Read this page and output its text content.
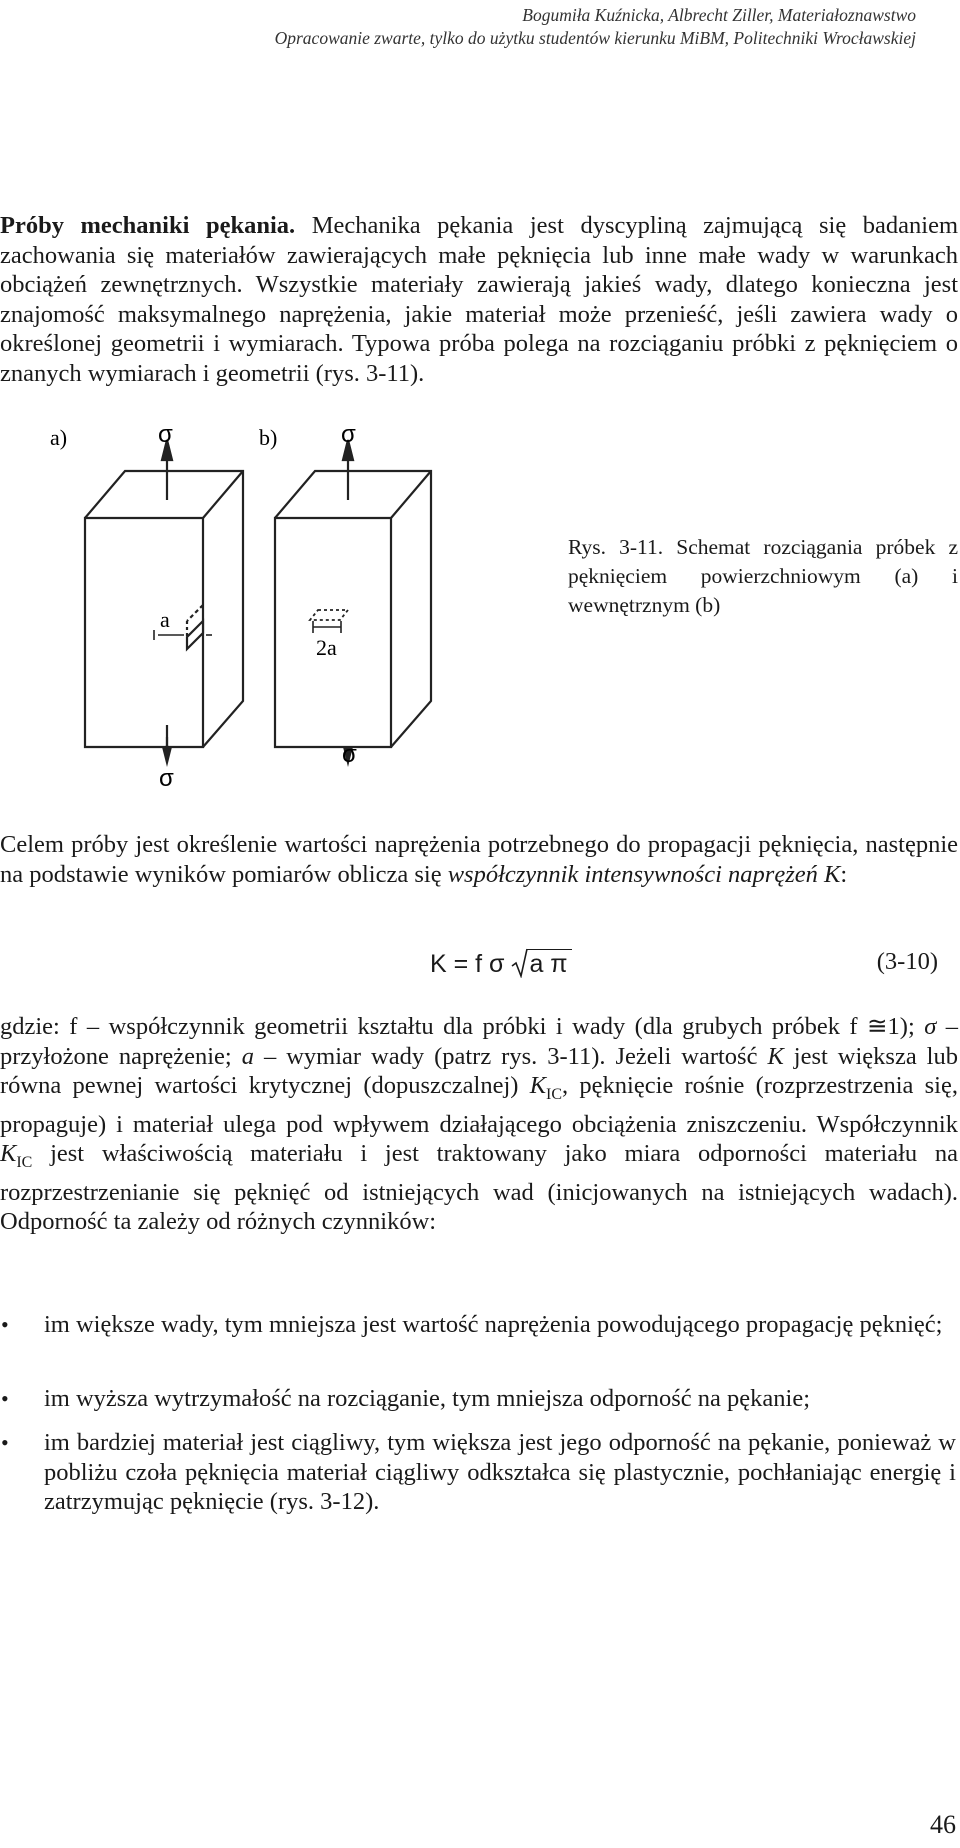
Bogumiła Kuźnicka, Albrecht Ziller, Materiałoznawstwo
Opracowanie zwarte, tylko do użytku studentów kierunku MiBM, Politechniki Wrocławskiej
Próby mechaniki pękania. Mechanika pękania jest dyscypliną zajmującą się badaniem zachowania się materiałów zawierających małe pęknięcia lub inne małe wady w warunkach obciążeń zewnętrznych. Wszystkie materiały zawierają jakieś wady, dlatego konieczna jest znajomość maksymalnego naprężenia, jakie materiał może przenieść, jeśli zawiera wady o określonej geometrii i wymiarach. Typowa próba polega na rozciąganiu próbki z pęknięciem o znanych wymiarach i geometrii (rys. 3-11).
a)	b)
a
σ
σ
2a
σ
σ
Rys. 3-11. Schemat rozciągania próbek z pęknięciem powierzchniowym (a) i wewnętrznym (b)
Celem próby jest określenie wartości naprężenia potrzebnego do propagacji pęknięcia, następnie na podstawie wyników pomiarów oblicza się współczynnik intensywności naprężeń K:
K = f σ a π	(3-10)
gdzie: f – współczynnik geometrii kształtu dla próbki i wady (dla grubych próbek f ≅1); σ – przyłożone naprężenie; a – wymiar wady (patrz rys. 3-11). Jeżeli wartość K jest większa lub równa pewnej wartości krytycznej (dopuszczalnej) $K_{IC}$, pęknięcie rośnie (rozprzestrzenia się, propaguje) i materiał ulega pod wpływem działającego obciążenia zniszczeniu. Współczynnik $K_{IC}$ jest właściwością materiału i jest traktowany jako miara odporności materiału na rozprzestrzenianie się pęknięć od istniejących wad (inicjowanych na istniejących wadach). Odporność ta zależy od różnych czynników:
• im większe wady, tym mniejsza jest wartość naprężenia powodującego propagację pęknięć;
• im wyższa wytrzymałość na rozciąganie, tym mniejsza odporność na pękanie;
• im bardziej materiał jest ciągliwy, tym większa jest jego odporność na pękanie, ponieważ w pobliżu czoła pęknięcia materiał ciągliwy odkształca się plastycznie, pochłaniając energię i zatrzymując pęknięcie (rys. 3-12).
46
